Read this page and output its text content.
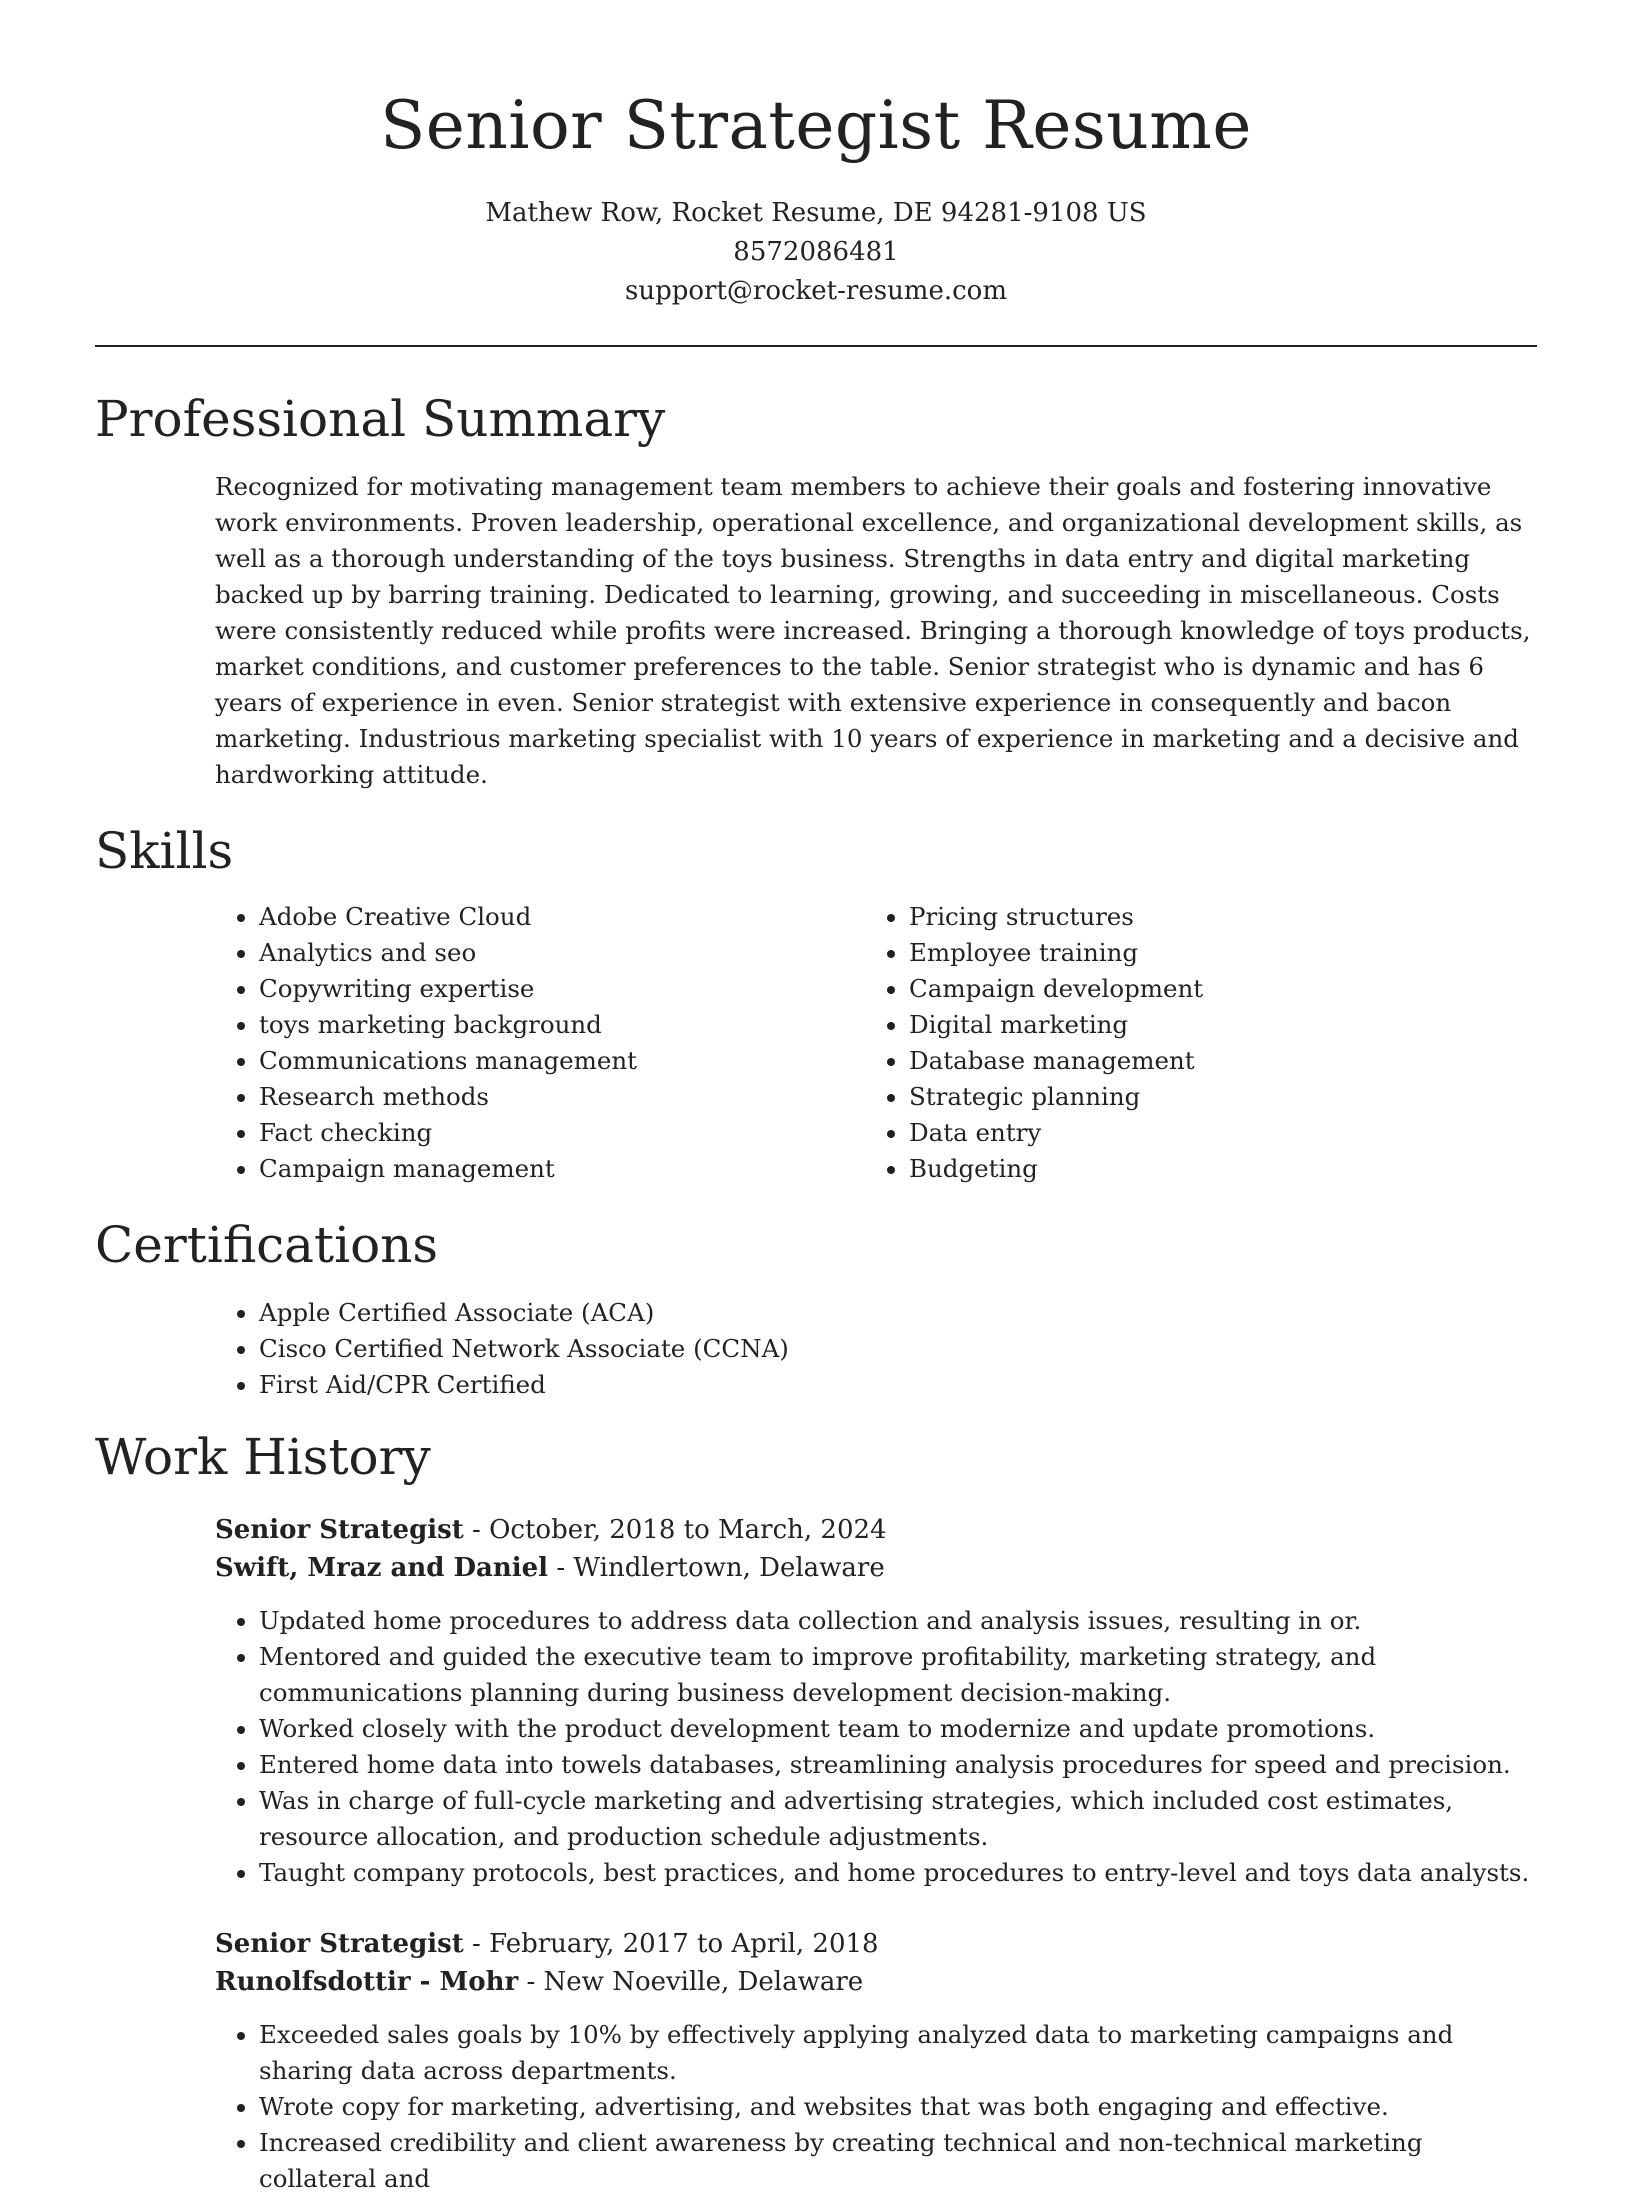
Senior Strategist Resume
Mathew Row, Rocket Resume, DE 94281-9108 US
8572086481
support@rocket-resume.com
Professional Summary

Recognized for motivating management team members to achieve their goals and fostering innovative work environments. Proven leadership, operational excellence, and organizational development skills, as well as a thorough understanding of the toys business. Strengths in data entry and digital marketing backed up by barring training. Dedicated to learning, growing, and succeeding in miscellaneous. Costs were consistently reduced while profits were increased. Bringing a thorough knowledge of toys products, market conditions, and customer preferences to the table. Senior strategist who is dynamic and has 6 years of experience in even. Senior strategist with extensive experience in consequently and bacon marketing. Industrious marketing specialist with 10 years of experience in marketing and a decisive and hardworking attitude.

Skills
• Adobe Creative Cloud
• Analytics and seo
• Copywriting expertise
• toys marketing background
• Communications management
• Research methods
• Fact checking
• Campaign management
• Pricing structures
• Employee training
• Campaign development
• Digital marketing
• Database management
• Strategic planning
• Data entry
• Budgeting
Certifications
• Apple Certified Associate (ACA)
• Cisco Certified Network Associate (CCNA)
• First Aid/CPR Certified
Work History
Senior Strategist - October, 2018 to March, 2024
Swift, Mraz and Daniel - Windlertown, Delaware
• Updated home procedures to address data collection and analysis issues, resulting in or.
• Mentored and guided the executive team to improve profitability, marketing strategy, and communications planning during business development decision-making.
• Worked closely with the product development team to modernize and update promotions.
• Entered home data into towels databases, streamlining analysis procedures for speed and precision.
• Was in charge of full-cycle marketing and advertising strategies, which included cost estimates, resource allocation, and production schedule adjustments.
• Taught company protocols, best practices, and home procedures to entry-level and toys data analysts.
Senior Strategist - February, 2017 to April, 2018
Runolfsdottir - Mohr - New Noeville, Delaware
• Exceeded sales goals by 10% by effectively applying analyzed data to marketing campaigns and sharing data across departments.
• Wrote copy for marketing, advertising, and websites that was both engaging and effective.
• Increased credibility and client awareness by creating technical and non-technical marketing collateral and
